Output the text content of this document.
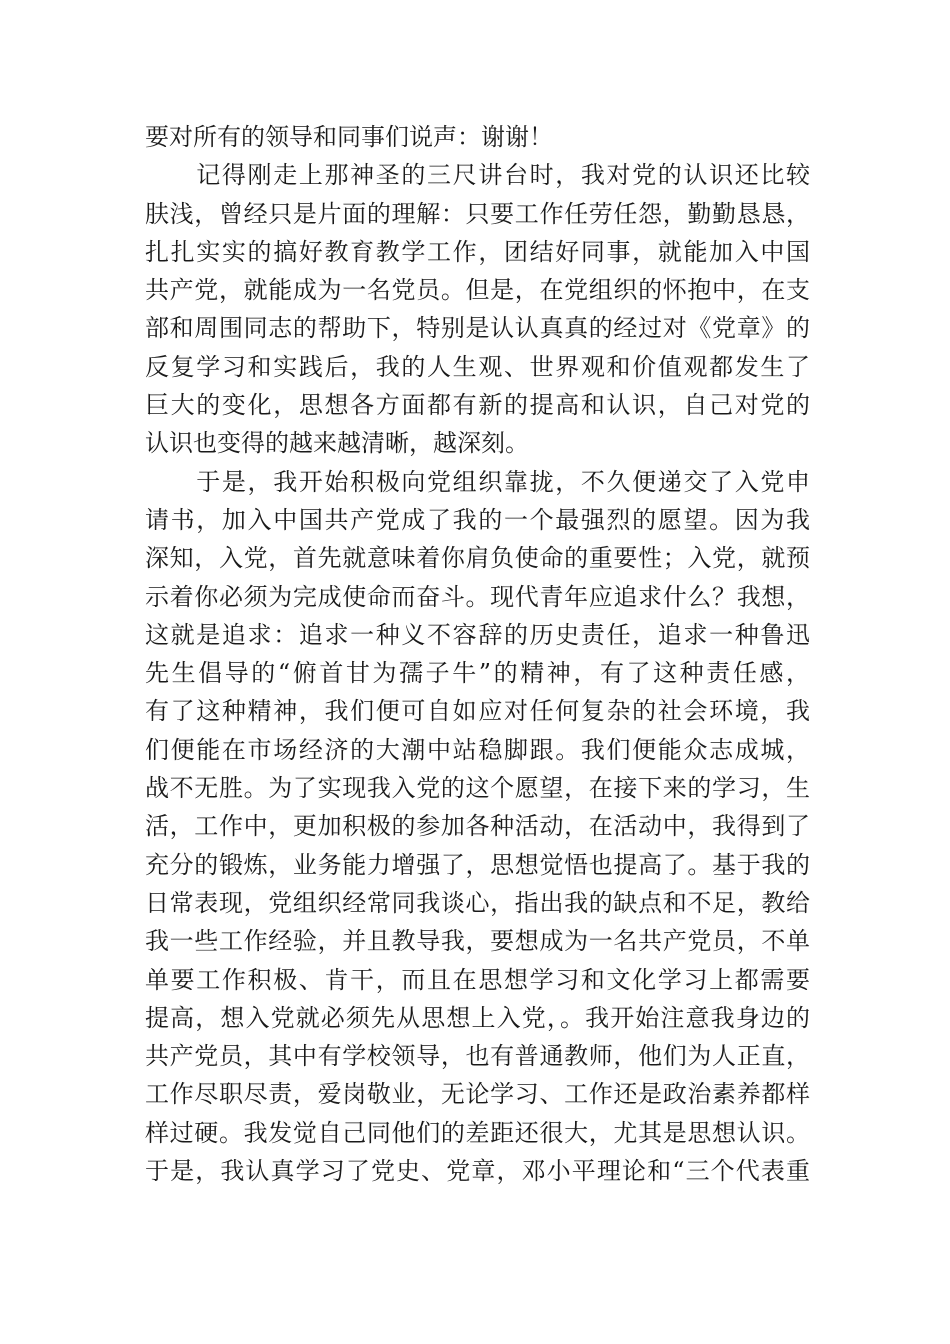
要对所有的领导和同事们说声：谢谢！
　　记得刚走上那神圣的三尺讲台时，我对党的认识还比较
肤浅，曾经只是片面的理解：只要工作任劳任怨，勤勤恳恳，
扎扎实实的搞好教育教学工作，团结好同事，就能加入中国
共产党，就能成为一名党员。但是，在党组织的怀抱中，在支
部和周围同志的帮助下，特别是认认真真的经过对《党章》的
反复学习和实践后，我的人生观、世界观和价值观都发生了
巨大的变化，思想各方面都有新的提高和认识，自己对党的
认识也变得的越来越清晰，越深刻。
　　于是，我开始积极向党组织靠拢，不久便递交了入党申
请书，加入中国共产党成了我的一个最强烈的愿望。因为我
深知，入党，首先就意味着你肩负使命的重要性；入党，就预
示着你必须为完成使命而奋斗。现代青年应追求什么？我想，
这就是追求：追求一种义不容辞的历史责任，追求一种鲁迅
先生倡导的“俯首甘为孺子牛”的精神，有了这种责任感，
有了这种精神，我们便可自如应对任何复杂的社会环境，我
们便能在市场经济的大潮中站稳脚跟。我们便能众志成城，
战不无胜。为了实现我入党的这个愿望，在接下来的学习，生
活，工作中，更加积极的参加各种活动，在活动中，我得到了
充分的锻炼，业务能力增强了，思想觉悟也提高了。基于我的
日常表现，党组织经常同我谈心，指出我的缺点和不足，教给
我一些工作经验，并且教导我，要想成为一名共产党员，不单
单要工作积极、肯干，而且在思想学习和文化学习上都需要
提高，想入党就必须先从思想上入党，。我开始注意我身边的
共产党员，其中有学校领导，也有普通教师，他们为人正直，
工作尽职尽责，爱岗敬业，无论学习、工作还是政治素养都样
样过硬。我发觉自己同他们的差距还很大，尤其是思想认识。
于是，我认真学习了党史、党章，邓小平理论和“三个代表重
